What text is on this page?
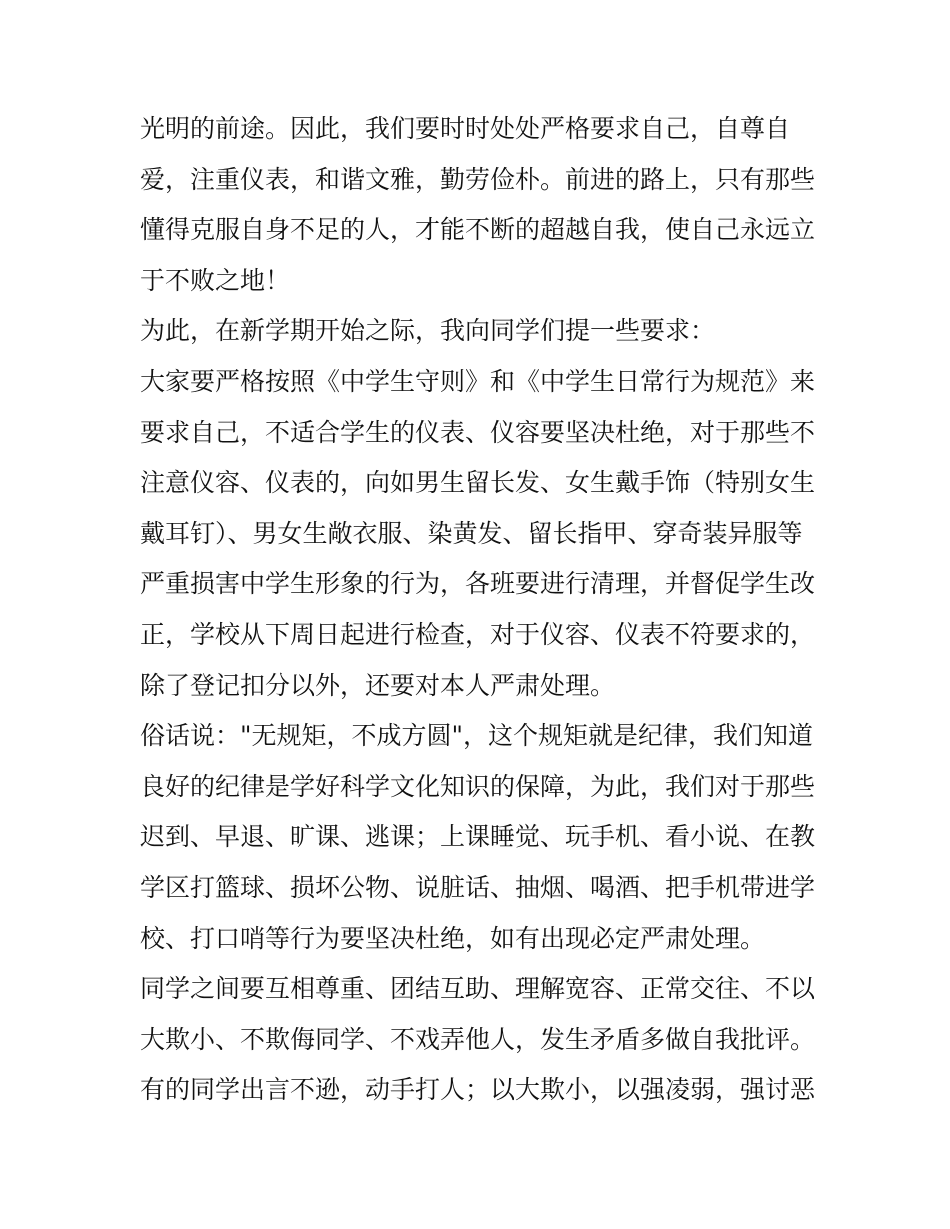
光明的前途。因此，我们要时时处处严格要求自己，自尊自
爱，注重仪表，和谐文雅，勤劳俭朴。前进的路上，只有那些
懂得克服自身不足的人，才能不断的超越自我，使自己永远立
于不败之地！
为此，在新学期开始之际，我向同学们提一些要求：
大家要严格按照《中学生守则》和《中学生日常行为规范》来
要求自己，不适合学生的仪表、仪容要坚决杜绝，对于那些不
注意仪容、仪表的，向如男生留长发、女生戴手饰（特别女生
戴耳钉）、男女生敞衣服、染黄发、留长指甲、穿奇装异服等
严重损害中学生形象的行为，各班要进行清理，并督促学生改
正，学校从下周日起进行检查，对于仪容、仪表不符要求的，
除了登记扣分以外，还要对本人严肃处理。
俗话说："无规矩，不成方圆"，这个规矩就是纪律，我们知道
良好的纪律是学好科学文化知识的保障，为此，我们对于那些
迟到、早退、旷课、逃课；上课睡觉、玩手机、看小说、在教
学区打篮球、损坏公物、说脏话、抽烟、喝酒、把手机带进学
校、打口哨等行为要坚决杜绝，如有出现必定严肃处理。
同学之间要互相尊重、团结互助、理解宽容、正常交往、不以
大欺小、不欺侮同学、不戏弄他人，发生矛盾多做自我批评。
有的同学出言不逊，动手打人；以大欺小，以强凌弱，强讨恶
